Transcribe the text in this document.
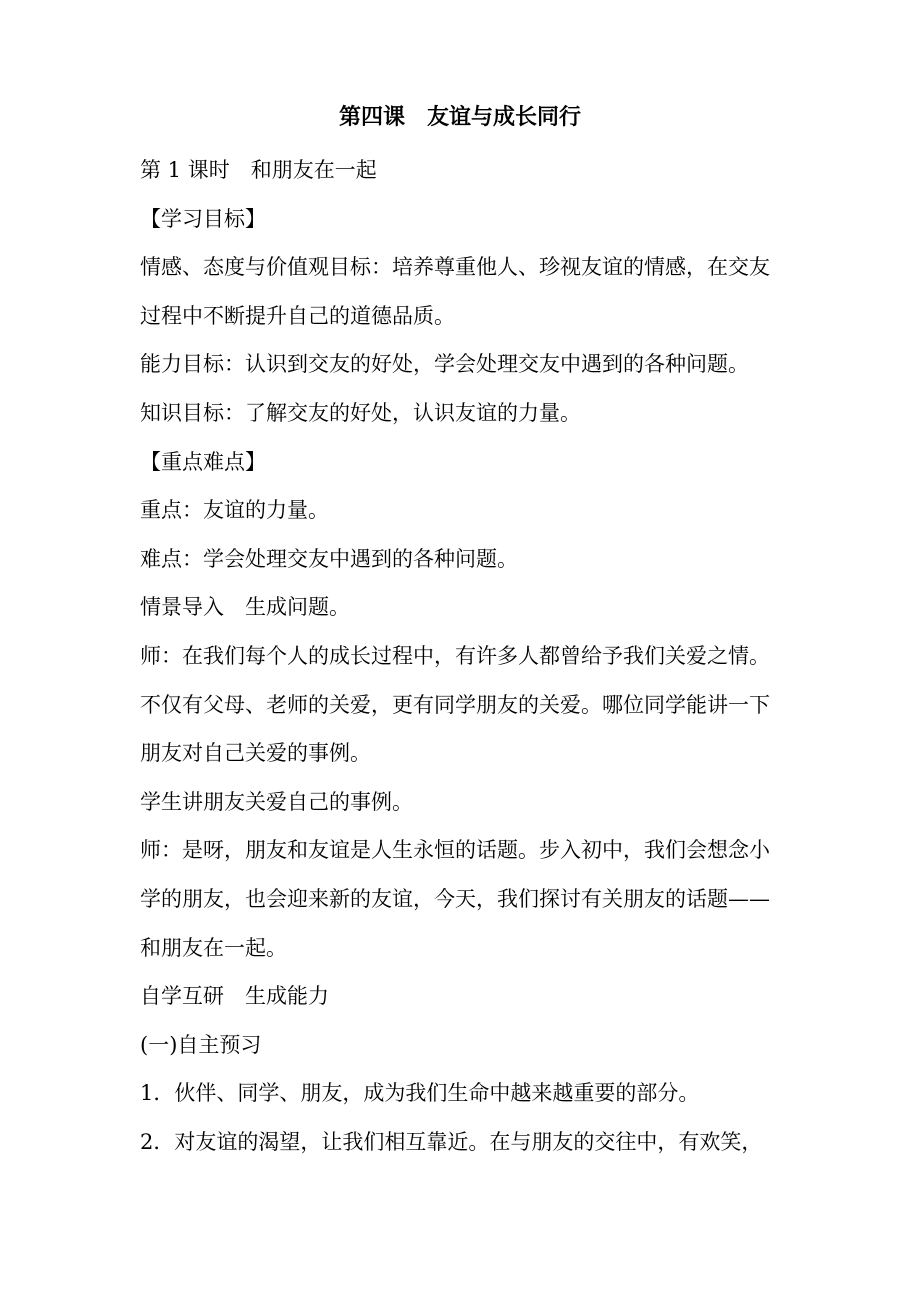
第四课　友谊与成长同行
第 1 课时　和朋友在一起
【学习目标】
情感、态度与价值观目标：培养尊重他人、珍视友谊的情感，在交友
过程中不断提升自己的道德品质。
能力目标：认识到交友的好处，学会处理交友中遇到的各种问题。
知识目标：了解交友的好处，认识友谊的力量。
【重点难点】
重点：友谊的力量。
难点：学会处理交友中遇到的各种问题。
情景导入　生成问题。
师：在我们每个人的成长过程中，有许多人都曾给予我们关爱之情。
不仅有父母、老师的关爱，更有同学朋友的关爱。哪位同学能讲一下
朋友对自己关爱的事例。
学生讲朋友关爱自己的事例。
师：是呀，朋友和友谊是人生永恒的话题。步入初中，我们会想念小
学的朋友，也会迎来新的友谊，今天，我们探讨有关朋友的话题——
和朋友在一起。
自学互研　生成能力
(一)自主预习
1．伙伴、同学、朋友，成为我们生命中越来越重要的部分。
2．对友谊的渴望，让我们相互靠近。在与朋友的交往中，有欢笑，
